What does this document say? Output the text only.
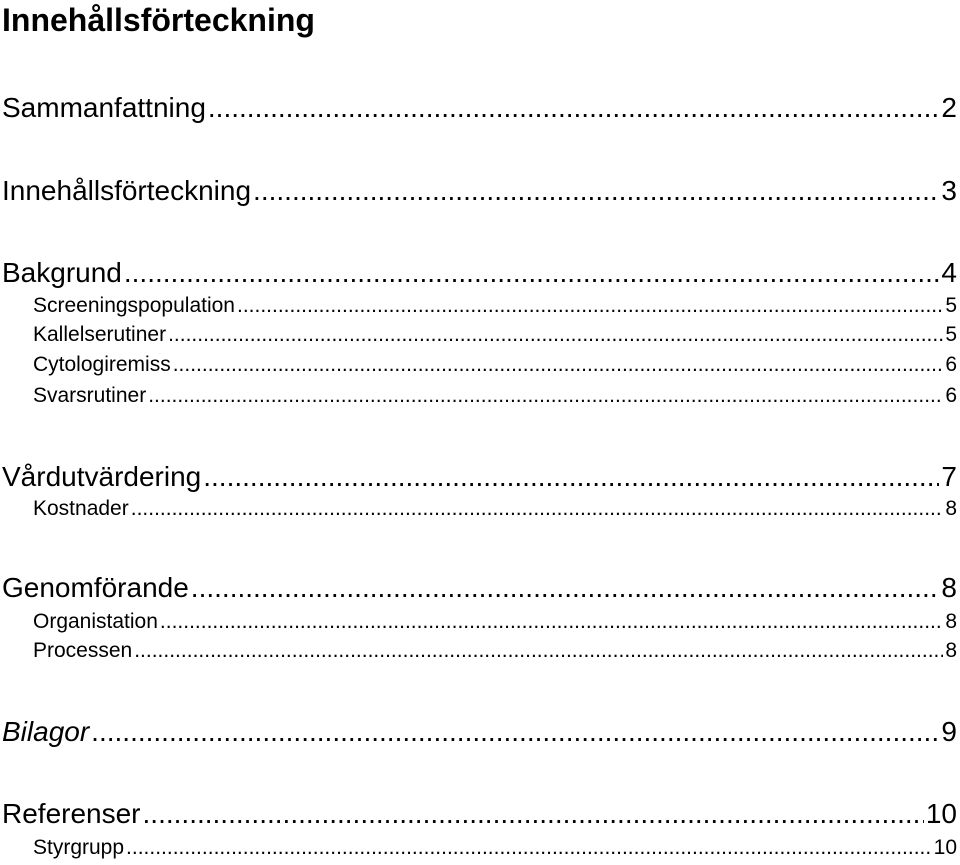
Innehållsförteckning
Sammanfattning .....	2
Innehållsförteckning .....	3
Bakgrund .....	4
Screeningspopulation .....	5
Kallelserutiner .....	5
Cytologiremiss .....	6
Svarsrutiner .....	6
Vårdutvärdering .....	7
Kostnader .....	8
Genomförande .....	8
Organistation .....	8
Processen .....	8
Bilagor .....	9
Referenser .....	10
Styrgrupp .....	10
